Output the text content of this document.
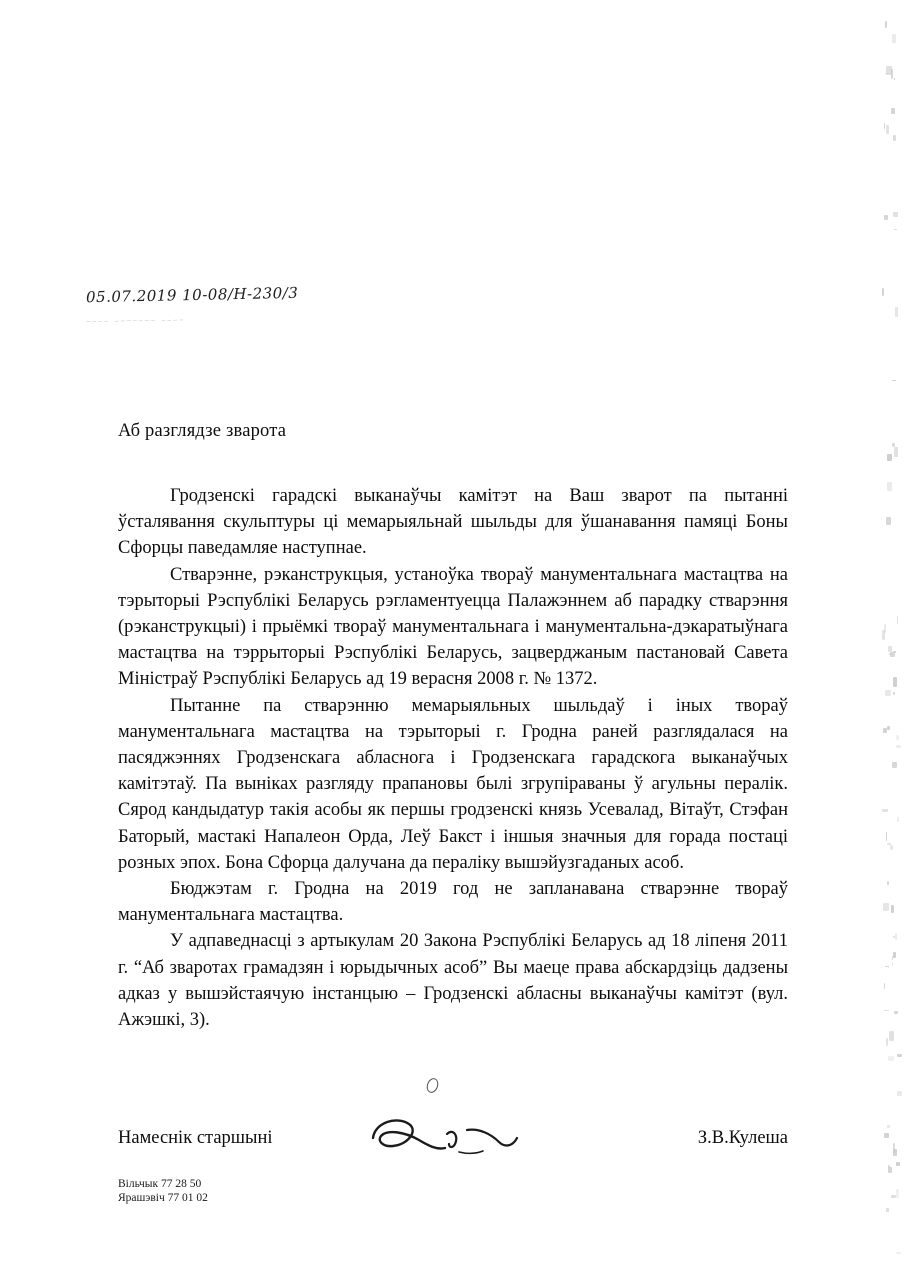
05.07.2019 10-08/Н-230/3
____ _______ ____
Аб разглядзе зварота

Гродзенскі гарадскі выканаўчы камітэт на Ваш зварот па пытанні ўсталявання скульптуры ці мемарыяльнай шыльды для ўшанавання памяці Боны Сфорцы паведамляе наступнае.

Стварэнне, рэканструкцыя, устаноўка твораў манументальнага мастацтва на тэрыторыі Рэспублікі Беларусь рэгламентуецца Палажэннем аб парадку стварэння (рэканструкцыі) і прыёмкі твораў манументальнага і манументальна-дэкаратыўнага мастацтва на тэррыторыі Рэспублікі Беларусь, зацверджаным пастановай Савета Міністраў Рэспублікі Беларусь ад 19 верасня 2008 г. № 1372.

Пытанне па стварэнню мемарыяльных шыльдаў і іных твораў манументальнага мастацтва на тэрыторыі г. Гродна раней разглядалася на пасяджэннях Гродзенскага абласнога і Гродзенскага гарадскога выканаўчых камітэтаў. Па выніках разгляду прапановы былі згрупіраваны ў агульны пералік. Сярод кандыдатур такія асобы як першы гродзенскі князь Усевалад, Вітаўт, Стэфан Баторый, мастакі Напалеон Орда, Леў Бакст і іншыя значныя для горада постаці розных эпох. Бона Сфорца далучана да пераліку вышэйузгаданых асоб.

Бюджэтам г. Гродна на 2019 год не запланавана стварэнне твораў манументальнага мастацтва.

У адпаведнасці з артыкулам 20 Закона Рэспублікі Беларусь ад 18 ліпеня 2011 г. “Аб зваротах грамадзян і юрыдычных асоб” Вы маеце права абскардзіць дадзены адказ у вышэйстаячую інстанцыю – Гродзенскі абласны выканаўчы камітэт (вул. Ажэшкі, 3).

Намеснік старшыні	З.В.Кулеша
Вільчык 77 28 50
Ярашэвіч 77 01 02
